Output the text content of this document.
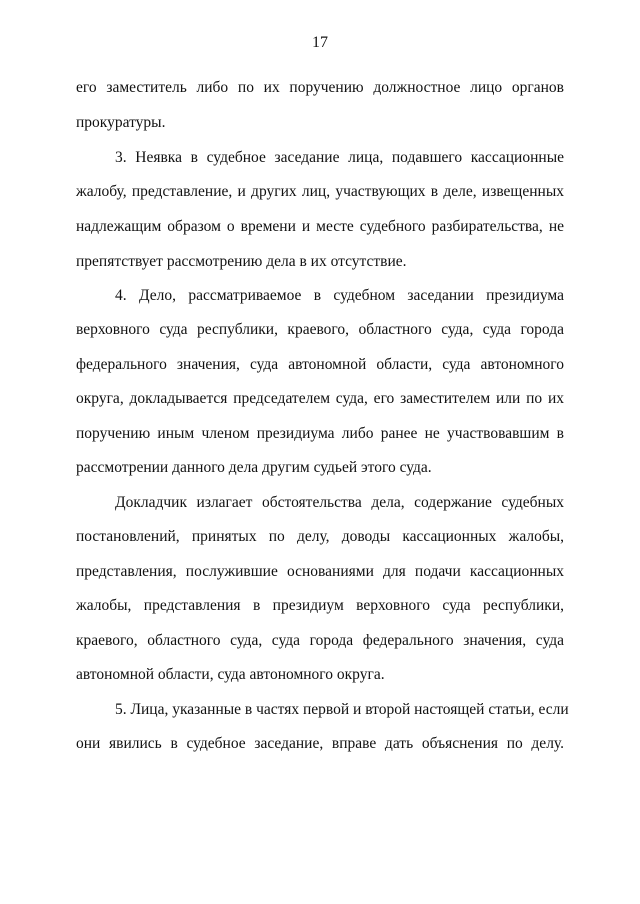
17
его заместитель либо по их поручению должностное лицо органов
прокуратуры.
3. Неявка в судебное заседание лица, подавшего кассационные
жалобу, представление, и других лиц, участвующих в деле, извещенных
надлежащим образом о времени и месте судебного разбирательства, не
препятствует рассмотрению дела в их отсутствие.
4. Дело, рассматриваемое в судебном заседании президиума
верховного суда республики, краевого, областного суда, суда города
федерального значения, суда автономной области, суда автономного
округа, докладывается председателем суда, его заместителем или по их
поручению иным членом президиума либо ранее не участвовавшим в
рассмотрении данного дела другим судьей этого суда.
Докладчик излагает обстоятельства дела, содержание судебных
постановлений, принятых по делу, доводы кассационных жалобы,
представления, послужившие основаниями для подачи кассационных
жалобы, представления в президиум верховного суда республики,
краевого, областного суда, суда города федерального значения, суда
автономной области, суда автономного округа.
5. Лица, указанные в частях первой и второй настоящей статьи, если
они явились в судебное заседание, вправе дать объяснения по делу.
